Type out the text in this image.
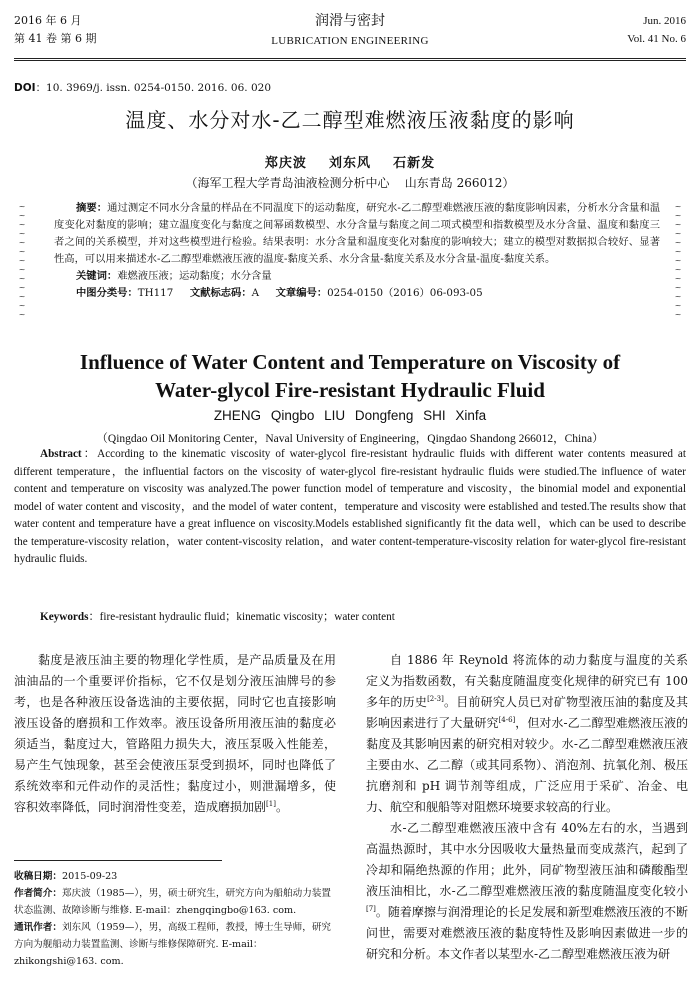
2016 年 6 月
第 41 卷 第 6 期
润滑与密封
LUBRICATION ENGINEERING
Jun. 2016
Vol. 41 No. 6
DOI：10. 3969/j. issn. 0254-0150. 2016. 06. 020
温度、水分对水-乙二醇型难燃液压液黏度的影响
郑庆波    刘东风    石新发
（海军工程大学青岛油液检测分析中心    山东青岛 266012）
~
~
~
~
~
~
~
~
~
~
~
~
~
摘要：通过测定不同水分含量的样品在不同温度下的运动黏度，研究水-乙二醇型难燃液压液的黏度影响因素，分析水分含量和温度变化对黏度的影响；建立温度变化与黏度之间幂函数模型、水分含量与黏度之间二项式模型和指数模型及水分含量、温度和黏度三者之间的关系模型，并对这些模型进行检验。结果表明：水分含量和温度变化对黏度的影响较大；建立的模型对数据拟合较好、显著性高，可以用来描述水-乙二醇型难燃液压液的温度-黏度关系、水分含量-黏度关系及水分含量-温度-黏度关系。
关键词：难燃液压液；运动黏度；水分含量
中图分类号：TH117 文献标志码：A 文章编号：0254-0150（2016）06-093-05
~
~
~
~
~
~
~
~
~
~
~
~
~
Influence of Water Content and Temperature on Viscosity of
Water-glycol Fire-resistant Hydraulic Fluid
ZHENG Qingbo LIU Dongfeng SHI Xinfa
（Qingdao Oil Monitoring Center，Naval University of Engineering，Qingdao Shandong 266012，China）
Abstract：According to the kinematic viscosity of water-glycol fire-resistant hydraulic fluids with different water contents measured at different temperature，the influential factors on the viscosity of water-glycol fire-resistant hydraulic fluids were studied.The influence of water content and temperature on viscosity was analyzed.The power function model of temperature and viscosity，the binomial model and exponential model of water content and viscosity，and the model of water content，temperature and viscosity were established and tested.The results show that water content and temperature have a great influence on viscosity.Models established significantly fit the data well，which can be used to describe the temperature-viscosity relation，water content-viscosity relation，and water content-temperature-viscosity relation for water-glycol fire-resistant hydraulic fluids.
Keywords：fire-resistant hydraulic fluid；kinematic viscosity；water content

黏度是液压油主要的物理化学性质，是产品质量及在用油油品的一个重要评价指标，它不仅是划分液压油牌号的参考，也是各种液压设备选油的主要依据，同时它也直接影响液压设备的磨损和工作效率。液压设备所用液压油的黏度必须适当，黏度过大，管路阻力损失大，液压泵吸入性能差，易产生气蚀现象，甚至会使液压泵受到损坏，同时也降低了系统效率和元件动作的灵活性；黏度过小，则泄漏增多，使容积效率降低，同时润滑性变差，造成磨损加剧[1]。

自 1886 年 Reynold 将流体的动力黏度与温度的关系定义为指数函数，有关黏度随温度变化规律的研究已有 100 多年的历史[2-3]。目前研究人员已对矿物型液压油的黏度及其影响因素进行了大量研究[4-6]，但对水-乙二醇型难燃液压液的黏度及其影响因素的研究相对较少。水-乙二醇型难燃液压液主要由水、乙二醇（或其同系物）、消泡剂、抗氧化剂、极压抗磨剂和 pH 调节剂等组成，广泛应用于采矿、冶金、电力、航空和舰船等对阻燃环境要求较高的行业。

水-乙二醇型难燃液压液中含有 40%左右的水，当遇到高温热源时，其中水分因吸收大量热量而变成蒸汽，起到了冷却和隔绝热源的作用；此外，同矿物型液压油和磷酸酯型液压油相比，水-乙二醇型难燃液压液的黏度随温度变化较小[7]。随着摩擦与润滑理论的长足发展和新型难燃液压液的不断问世，需要对难燃液压液的黏度特性及影响因素做进一步的研究和分析。本文作者以某型水-乙二醇型难燃液压液为研

收稿日期：2015-09-23
作者简介：郑庆波（1985—），男，硕士研究生，研究方向为船舶动力装置状态监测、故障诊断与维修. E-mail：zhengqingbo@163. com.
通讯作者：刘东风（1959—），男，高级工程师，教授，博士生导师，研究方向为舰船动力装置监测、诊断与维修保障研究. E-mail：zhikongshi@163. com.
